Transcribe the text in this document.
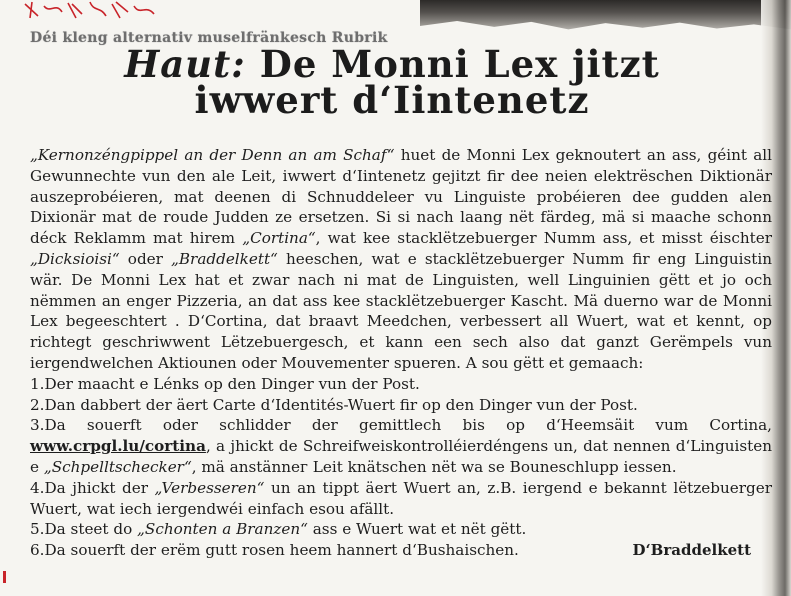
Déi kleng alternativ muselfränkesch Rubrik
Haut: De Monni Lex jitzt
iwwert d‘Iintenetz

„Kernonzéngpippel an der Denn an am Schaf“ huet de Monni Lex geknoutert an ass, géint all Gewunnechte vun den ale Leit, iwwert d‘Iintenetz gejitzt fir dee neien elektrëschen Diktionär auszeprobéieren, mat deenen di Schnuddeleer vu Linguiste probéieren dee gudden alen Dixionär mat de roude Judden ze ersetzen. Si si nach laang nët färdeg, mä si maache schonn déck Reklamm mat hirem „Cortina“, wat kee stacklëtzebuerger Numm ass, et misst éischter „Dicksioisi“ oder „Braddelkett“ heeschen, wat e stacklëtzebuerger Numm fir eng Linguistin wär. De Monni Lex hat et zwar nach ni mat de Linguisten, well Linguinien gëtt et jo och nëmmen an enger Pizzeria, an dat ass kee stacklëtzebuerger Kascht. Mä duerno war de Monni Lex begeeschtert . D‘Cortina, dat braavt Meedchen, verbessert all Wuert, wat et kennt, op richtegt geschriwwent Lëtzebuergesch, et kann een sech also dat ganzt Gerëmpels vun iergendwelchen Aktiounen oder Mouvementer spueren. A sou gëtt et gemaach:

1.Der maacht e Lénks op den Dinger vun der Post.
2.Dan dabbert der äert Carte d‘Identités-Wuert fir op den Dinger vun der Post.
3.Da souerft oder schlidder der gemittlech bis op d‘Heemsäit vum Cortina, www.crpgl.lu/cortina, a jhickt de Schreifweiskontrolléierdéngens un, dat nennen d‘Linguisten e „Schpelltschecker“, mä anstännег Leit knätschen nët wa se Bouneschlupp iessen.
4.Da jhickt der „Verbesseren“ un an tippt äert Wuert an, z.B. iergend e bekannt lëtzebuerger Wuert, wat iech iergendwéi einfach esou afällt.
5.Da steet do „Schonten a Branzen“ ass e Wuert wat et nët gëtt.
6.Da souerft der erëm gutt rosen heem hannert d‘Bushaischen.	D‘Braddelkett
